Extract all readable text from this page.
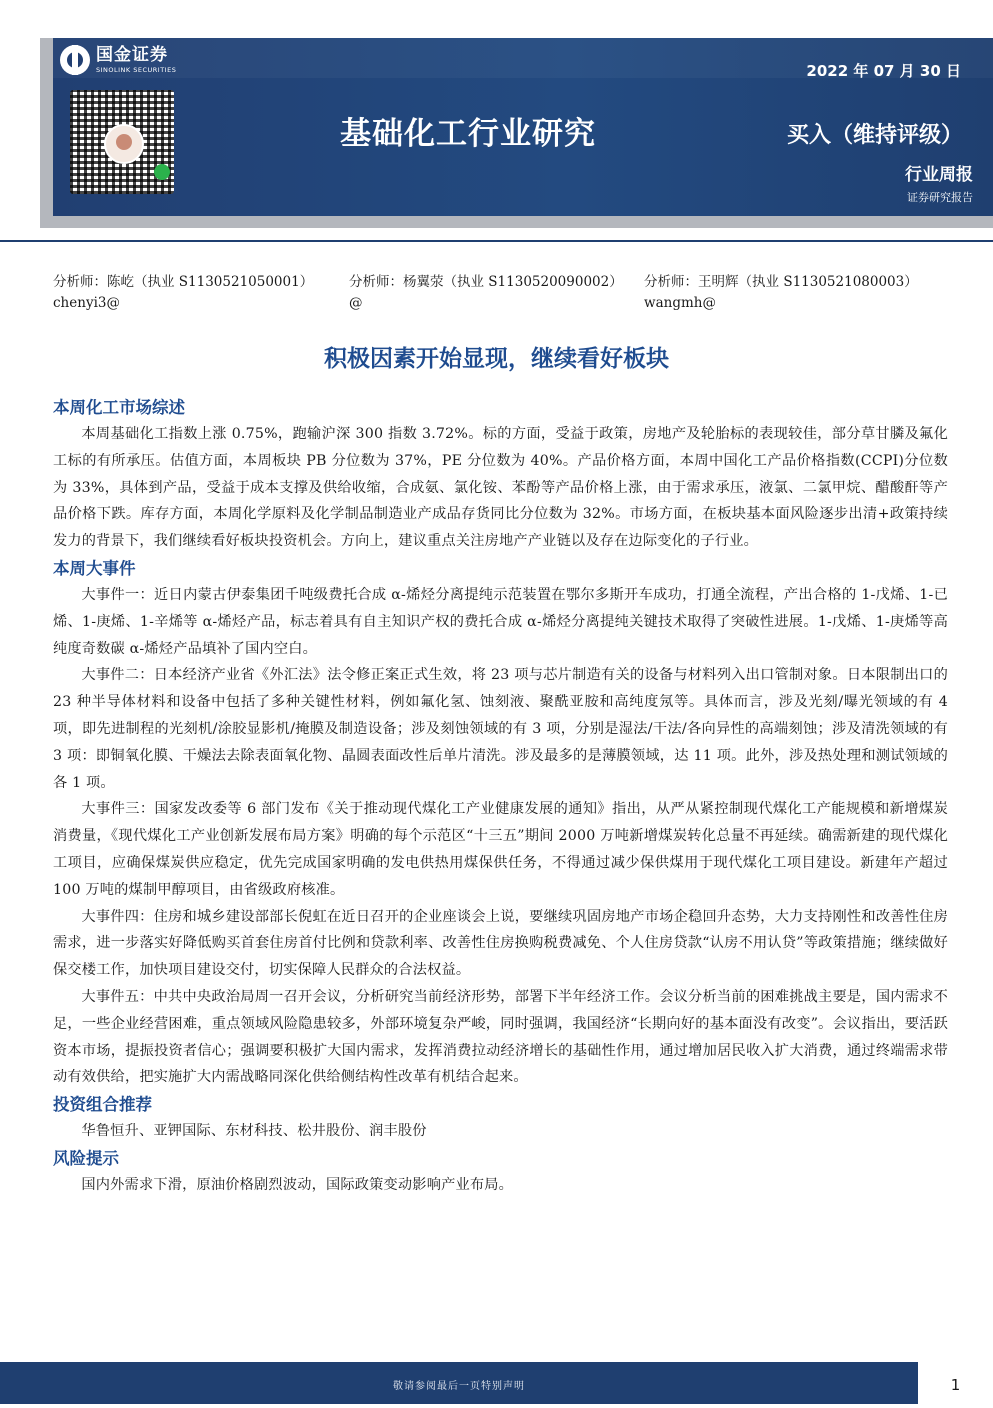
国金证券
SINOLINK SECURITIES
基础化工行业研究
2022 年 07 月 30 日
买入（维持评级）
行业周报
证券研究报告
分析师：陈屹（执业 S1130521050001）
chenyi3@
分析师：杨翼荥（执业 S1130520090002）
@
分析师：王明辉（执业 S1130521080003）
wangmh@
积极因素开始显现，继续看好板块
本周化工市场综述

本周基础化工指数上涨 0.75%，跑输沪深 300 指数 3.72%。标的方面，受益于政策，房地产及轮胎标的表现较佳，部分草甘膦及氟化工标的有所承压。估值方面，本周板块 PB 分位数为 37%，PE 分位数为 40%。产品价格方面，本周中国化工产品价格指数(CCPI)分位数为 33%，具体到产品，受益于成本支撑及供给收缩，合成氨、氯化铵、苯酚等产品价格上涨，由于需求承压，液氯、二氯甲烷、醋酸酐等产品价格下跌。库存方面，本周化学原料及化学制品制造业产成品存货同比分位数为 32%。市场方面，在板块基本面风险逐步出清+政策持续发力的背景下，我们继续看好板块投资机会。方向上，建议重点关注房地产产业链以及存在边际变化的子行业。

本周大事件

大事件一：近日内蒙古伊泰集团千吨级费托合成 α-烯烃分离提纯示范装置在鄂尔多斯开车成功，打通全流程，产出合格的 1-戊烯、1-已烯、1-庚烯、1-辛烯等 α-烯烃产品，标志着具有自主知识产权的费托合成 α-烯烃分离提纯关键技术取得了突破性进展。1-戊烯、1-庚烯等高纯度奇数碳 α-烯烃产品填补了国内空白。

大事件二：日本经济产业省《外汇法》法令修正案正式生效，将 23 项与芯片制造有关的设备与材料列入出口管制对象。日本限制出口的 23 种半导体材料和设备中包括了多种关键性材料，例如氟化氢、蚀刻液、聚酰亚胺和高纯度氖等。具体而言，涉及光刻/曝光领域的有 4 项，即先进制程的光刻机/涂胶显影机/掩膜及制造设备；涉及刻蚀领域的有 3 项，分别是湿法/干法/各向异性的高端刻蚀；涉及清洗领域的有 3 项：即铜氧化膜、干燥法去除表面氧化物、晶圆表面改性后单片清洗。涉及最多的是薄膜领域，达 11 项。此外，涉及热处理和测试领域的各 1 项。

大事件三：国家发改委等 6 部门发布《关于推动现代煤化工产业健康发展的通知》指出，从严从紧控制现代煤化工产能规模和新增煤炭消费量，《现代煤化工产业创新发展布局方案》明确的每个示范区“十三五”期间 2000 万吨新增煤炭转化总量不再延续。确需新建的现代煤化工项目，应确保煤炭供应稳定，优先完成国家明确的发电供热用煤保供任务，不得通过减少保供煤用于现代煤化工项目建设。新建年产超过 100 万吨的煤制甲醇项目，由省级政府核准。

大事件四：住房和城乡建设部部长倪虹在近日召开的企业座谈会上说，要继续巩固房地产市场企稳回升态势，大力支持刚性和改善性住房需求，进一步落实好降低购买首套住房首付比例和贷款利率、改善性住房换购税费减免、个人住房贷款“认房不用认贷”等政策措施；继续做好保交楼工作，加快项目建设交付，切实保障人民群众的合法权益。

大事件五：中共中央政治局周一召开会议，分析研究当前经济形势，部署下半年经济工作。会议分析当前的困难挑战主要是，国内需求不足，一些企业经营困难，重点领域风险隐患较多，外部环境复杂严峻，同时强调，我国经济“长期向好的基本面没有改变”。会议指出，要活跃资本市场，提振投资者信心；强调要积极扩大国内需求，发挥消费拉动经济增长的基础性作用，通过增加居民收入扩大消费，通过终端需求带动有效供给，把实施扩大内需战略同深化供给侧结构性改革有机结合起来。

投资组合推荐

华鲁恒升、亚钾国际、东材科技、松井股份、润丰股份

风险提示

国内外需求下滑，原油价格剧烈波动，国际政策变动影响产业布局。

敬请参阅最后一页特别声明	1
